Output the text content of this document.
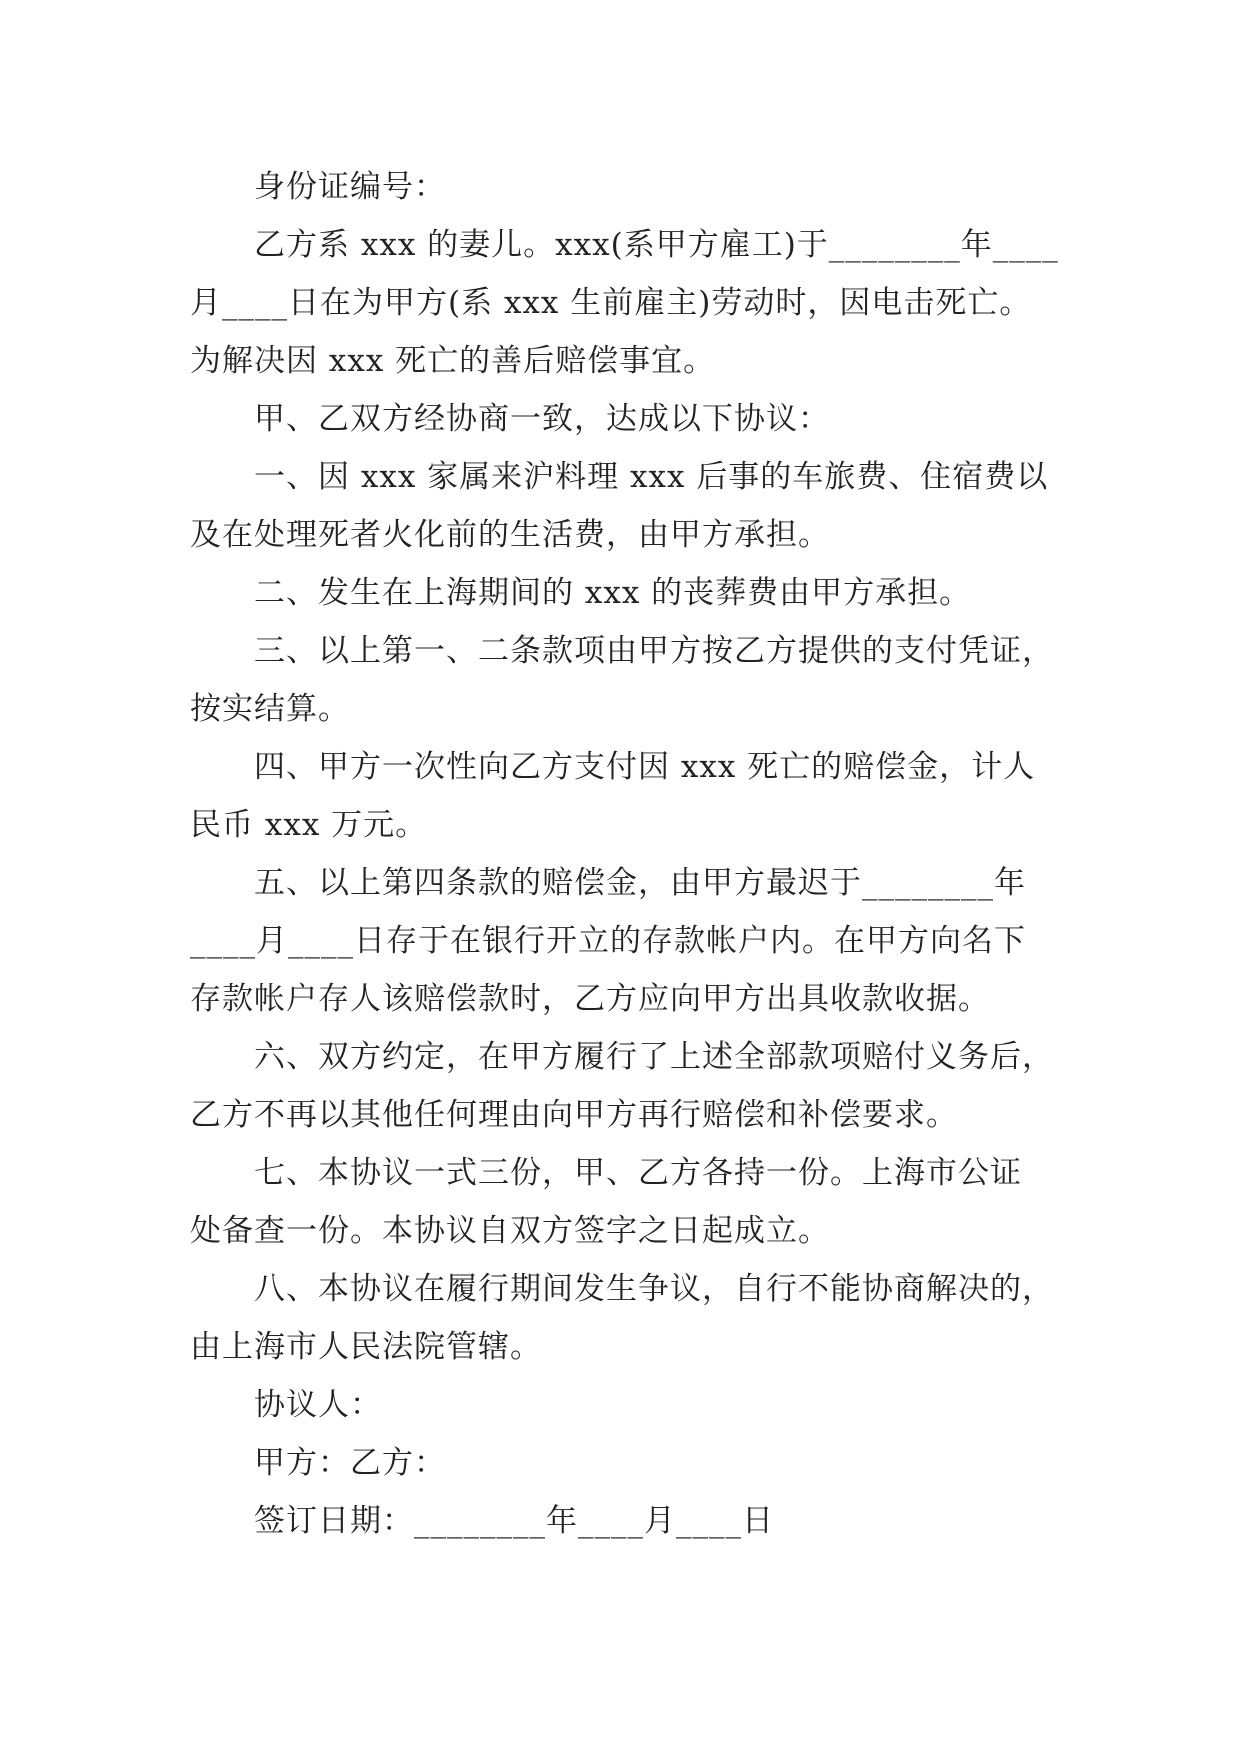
身份证编号：
乙方系 xxx 的妻儿。xxx(系甲方雇工)于________年____
月____日在为甲方(系 xxx 生前雇主)劳动时，因电击死亡。
为解决因 xxx 死亡的善后赔偿事宜。
甲、乙双方经协商一致，达成以下协议：
一、因 xxx 家属来沪料理 xxx 后事的车旅费、住宿费以
及在处理死者火化前的生活费，由甲方承担。
二、发生在上海期间的 xxx 的丧葬费由甲方承担。
三、以上第一、二条款项由甲方按乙方提供的支付凭证，
按实结算。
四、甲方一次性向乙方支付因 xxx 死亡的赔偿金，计人
民币 xxx 万元。
五、以上第四条款的赔偿金，由甲方最迟于________年
____月____日存于在银行开立的存款帐户内。在甲方向名下
存款帐户存人该赔偿款时，乙方应向甲方出具收款收据。
六、双方约定，在甲方履行了上述全部款项赔付义务后，
乙方不再以其他任何理由向甲方再行赔偿和补偿要求。
七、本协议一式三份，甲、乙方各持一份。上海市公证
处备查一份。本协议自双方签字之日起成立。
八、本协议在履行期间发生争议，自行不能协商解决的，
由上海市人民法院管辖。
协议人：
甲方：乙方：
签订日期：________年____月____日
